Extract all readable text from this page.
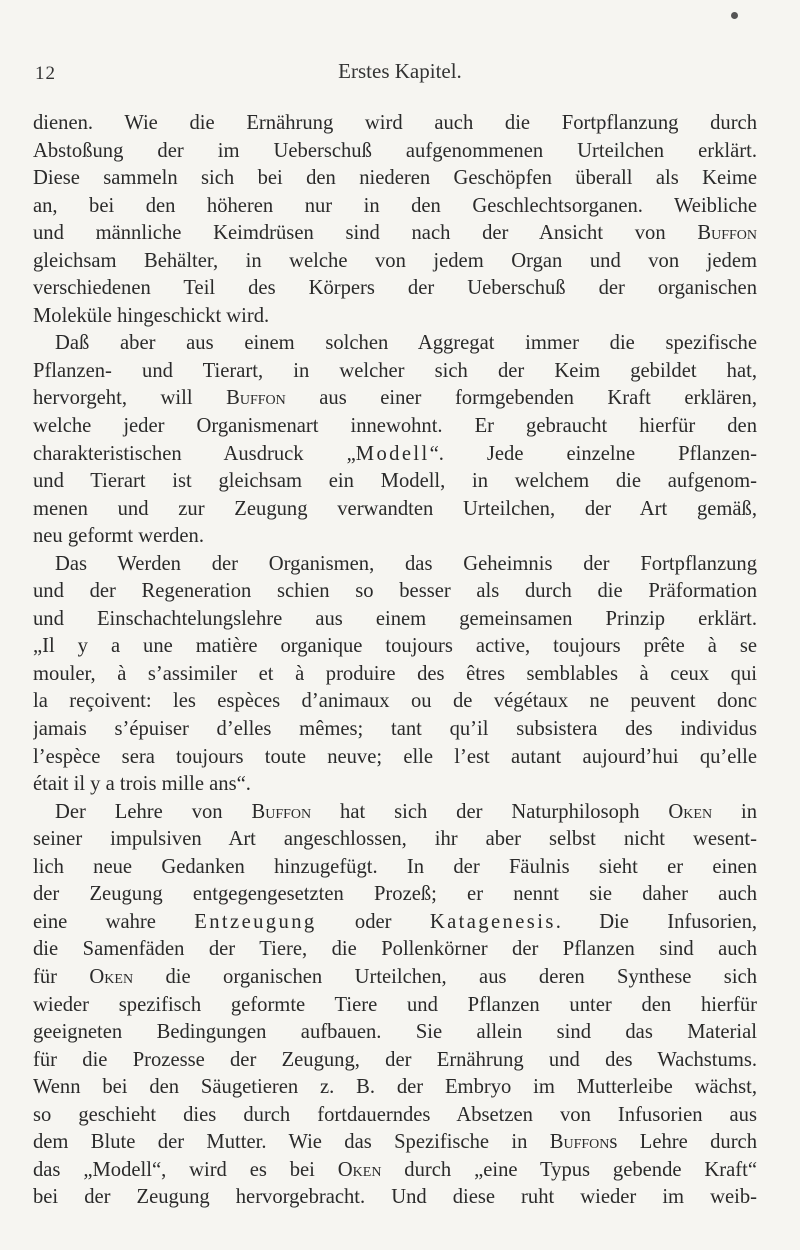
12	Erstes Kapitel.
dienen. Wie die Ernährung wird auch die Fortpflanzung durch
Abstoßung der im Ueberschuß aufgenommenen Urteilchen erklärt.
Diese sammeln sich bei den niederen Geschöpfen überall als Keime
an, bei den höheren nur in den Geschlechtsorganen. Weibliche
und männliche Keimdrüsen sind nach der Ansicht von Buffon
gleichsam Behälter, in welche von jedem Organ und von jedem
verschiedenen Teil des Körpers der Ueberschuß der organischen
Moleküle hingeschickt wird.
Daß aber aus einem solchen Aggregat immer die spezifische
Pflanzen- und Tierart, in welcher sich der Keim gebildet hat,
hervorgeht, will Buffon aus einer formgebenden Kraft erklären,
welche jeder Organismenart innewohnt. Er gebraucht hierfür den
charakteristischen Ausdruck „Modell“. Jede einzelne Pflanzen-
und Tierart ist gleichsam ein Modell, in welchem die aufgenom-
menen und zur Zeugung verwandten Urteilchen, der Art gemäß,
neu geformt werden.
Das Werden der Organismen, das Geheimnis der Fortpflanzung
und der Regeneration schien so besser als durch die Präformation
und Einschachtelungslehre aus einem gemeinsamen Prinzip erklärt.
„Il y a une matière organique toujours active, toujours prête à se
mouler, à s’assimiler et à produire des êtres semblables à ceux qui
la reçoivent: les espèces d’animaux ou de végétaux ne peuvent donc
jamais s’épuiser d’elles mêmes; tant qu’il subsistera des individus
l’espèce sera toujours toute neuve; elle l’est autant aujourd’hui qu’elle
était il y a trois mille ans“.
Der Lehre von Buffon hat sich der Naturphilosoph Oken in
seiner impulsiven Art angeschlossen, ihr aber selbst nicht wesent-
lich neue Gedanken hinzugefügt. In der Fäulnis sieht er einen
der Zeugung entgegengesetzten Prozeß; er nennt sie daher auch
eine wahre Entzeugung oder Katagenesis. Die Infusorien,
die Samenfäden der Tiere, die Pollenkörner der Pflanzen sind auch
für Oken die organischen Urteilchen, aus deren Synthese sich
wieder spezifisch geformte Tiere und Pflanzen unter den hierfür
geeigneten Bedingungen aufbauen. Sie allein sind das Material
für die Prozesse der Zeugung, der Ernährung und des Wachstums.
Wenn bei den Säugetieren z. B. der Embryo im Mutterleibe wächst,
so geschieht dies durch fortdauerndes Absetzen von Infusorien aus
dem Blute der Mutter. Wie das Spezifische in Buffons Lehre durch
das „Modell“, wird es bei Oken durch „eine Typus gebende Kraft“
bei der Zeugung hervorgebracht. Und diese ruht wieder im weib-
